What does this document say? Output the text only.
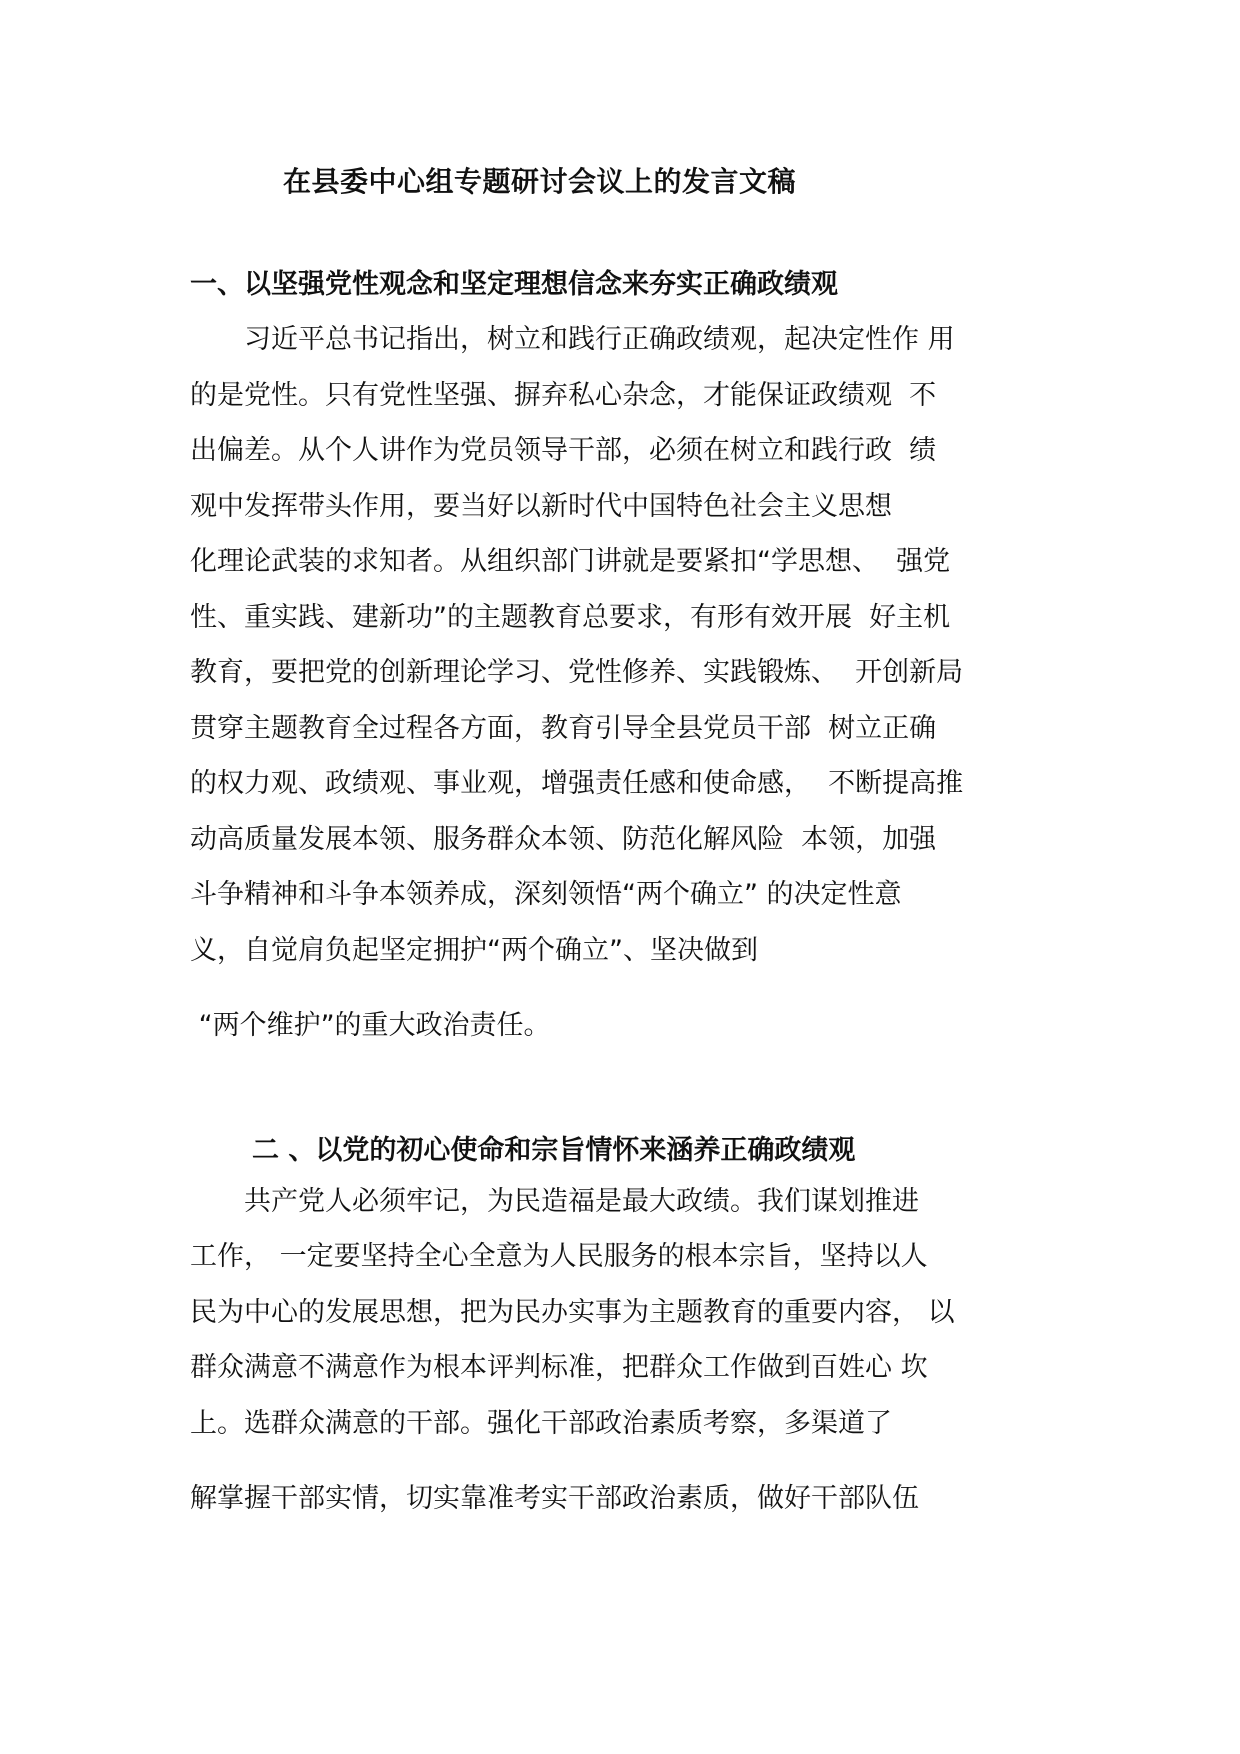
在县委中心组专题研讨会议上的发言文稿
一、以坚强党性观念和坚定理想信念来夯实正确政绩观
　　习近平总书记指出，树立和践行正确政绩观，起决定性作 用
的是党性。只有党性坚强、摒弃私心杂念，才能保证政绩观  不
出偏差。从个人讲作为党员领导干部，必须在树立和践行政  绩
观中发挥带头作用，要当好以新时代中国特色社会主义思想
化理论武装的求知者。从组织部门讲就是要紧扣“学思想、  强党
性、重实践、建新功”的主题教育总要求，有形有效开展  好主机
教育，要把党的创新理论学习、党性修养、实践锻炼、  开创新局
贯穿主题教育全过程各方面，教育引导全县党员干部  树立正确
的权力观、政绩观、事业观，增强责任感和使命感，  不断提高推
动高质量发展本领、服务群众本领、防范化解风险  本领，加强
斗争精神和斗争本领养成，深刻领悟“两个确立” 的决定性意
义，自觉肩负起坚定拥护“两个确立”、坚决做到
“两个维护”的重大政治责任。
二 、以党的初心使命和宗旨情怀来涵养正确政绩观
　　共产党人必须牢记，为民造福是最大政绩。我们谋划推进
工作， 一定要坚持全心全意为人民服务的根本宗旨，坚持以人
民为中心的发展思想，把为民办实事为主题教育的重要内容， 以
群众满意不满意作为根本评判标准，把群众工作做到百姓心 坎
上。选群众满意的干部。强化干部政治素质考察，多渠道了
解掌握干部实情，切实靠准考实干部政治素质，做好干部队伍
